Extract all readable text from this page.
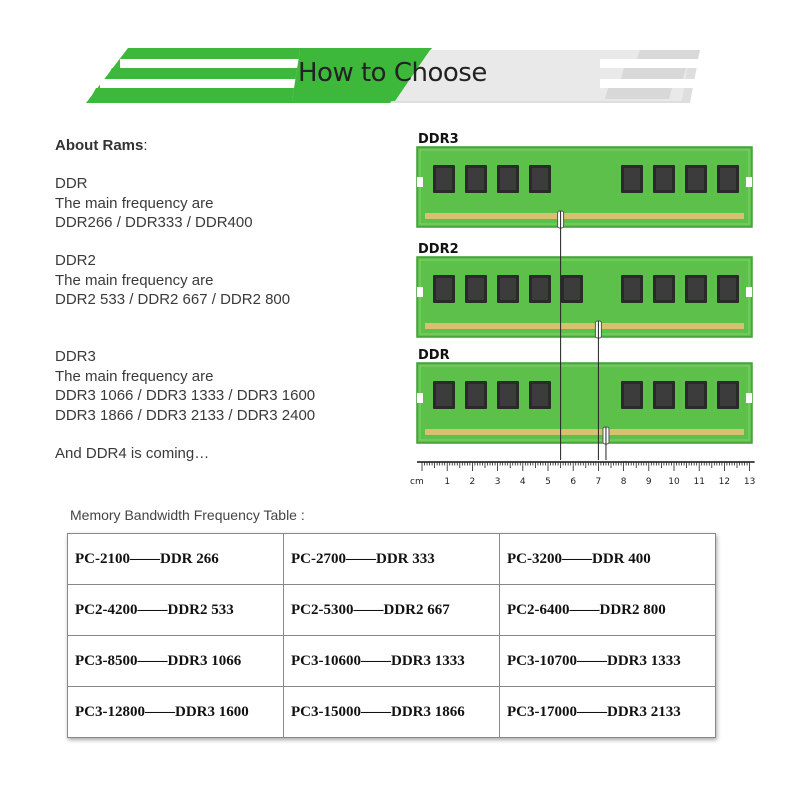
How to Choose
About Rams:
DDR
The main frequency are
DDR266 / DDR333 / DDR400
DDR2
The main frequency are
DDR2 533 / DDR2 667 / DDR2 800
DDR3
The main frequency are
DDR3 1066 / DDR3 1333 / DDR3 1600
DDR3 1866 / DDR3 2133 / DDR3 2400
And DDR4 is coming…
DDR3
DDR2
DDR
cm 1 2 3 4 5 6 7 8 9 10 11 12 13
Memory Bandwidth Frequency Table :
PC-2100——DDR 266	PC-2700——DDR 333	PC-3200——DDR 400
PC2-4200——DDR2 533	PC2-5300——DDR2 667	PC2-6400——DDR2 800
PC3-8500——DDR3 1066	PC3-10600——DDR3 1333	PC3-10700——DDR3 1333
PC3-12800——DDR3 1600	PC3-15000——DDR3 1866	PC3-17000——DDR3 2133
